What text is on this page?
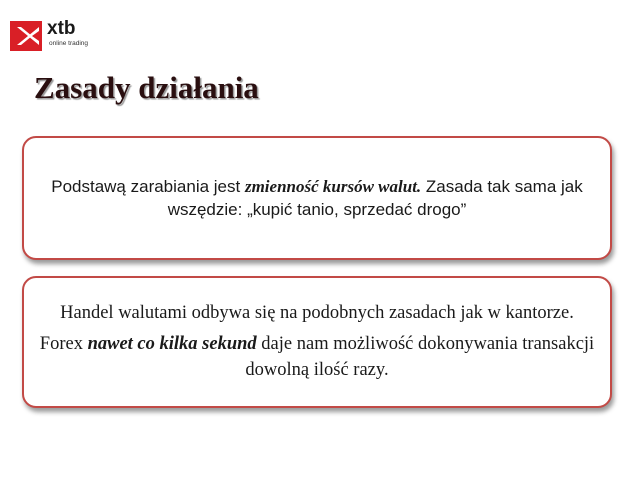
xtb
online trading
Zasady działania

Podstawą zarabiania jest zmienność kursów walut. Zasada tak sama jak wszędzie: „kupić tanio, sprzedać drogo”

Handel walutami odbywa się na podobnych zasadach jak w kantorze.

Forex nawet co kilka sekund daje nam możliwość dokonywania transakcji dowolną ilość razy.
